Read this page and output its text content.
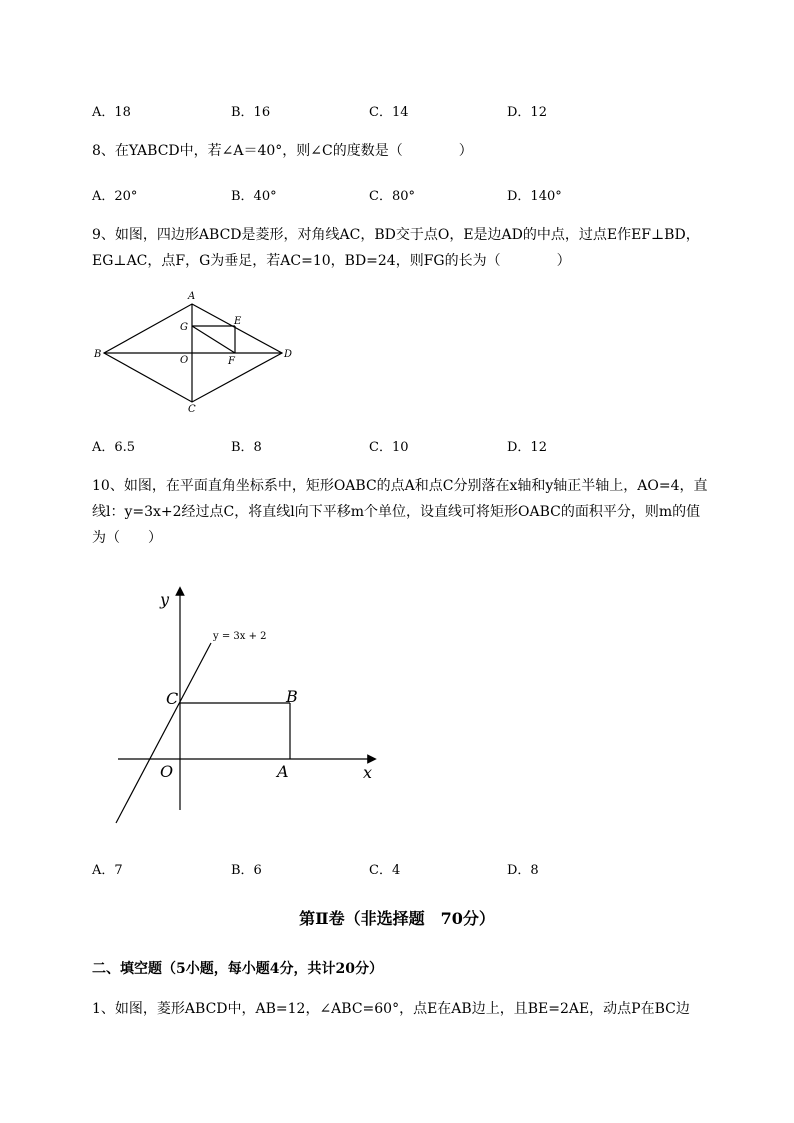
A．18	B．16	C．14	D．12
8、在YABCD中，若∠A＝40°，则∠C的度数是（　　　　）
A．20°	B．40°	C．80°	D．140°
9、如图，四边形ABCD是菱形，对角线AC，BD交于点O，E是边AD的中点，过点E作EF⊥BD，
EG⊥AC，点F，G为垂足，若AC=10，BD=24，则FG的长为（　　　　）
A
B
C
D
E
F
G
O
A．6.5	B．8	C．10	D．12
10、如图，在平面直角坐标系中，矩形OABC的点A和点C分别落在x轴和y轴正半轴上，AO=4，直
线l：y=3x+2经过点C，将直线l向下平移m个单位，设直线可将矩形OABC的面积平分，则m的值
为（　　）
y = 3x + 2
y
x
C	B
O	A
A．7	B．6	C．4	D．8
第Ⅱ卷（非选择题　70分）
二、填空题（5小题，每小题4分，共计20分）
1、如图，菱形ABCD中，AB=12，∠ABC=60°，点E在AB边上，且BE=2AE，动点P在BC边
